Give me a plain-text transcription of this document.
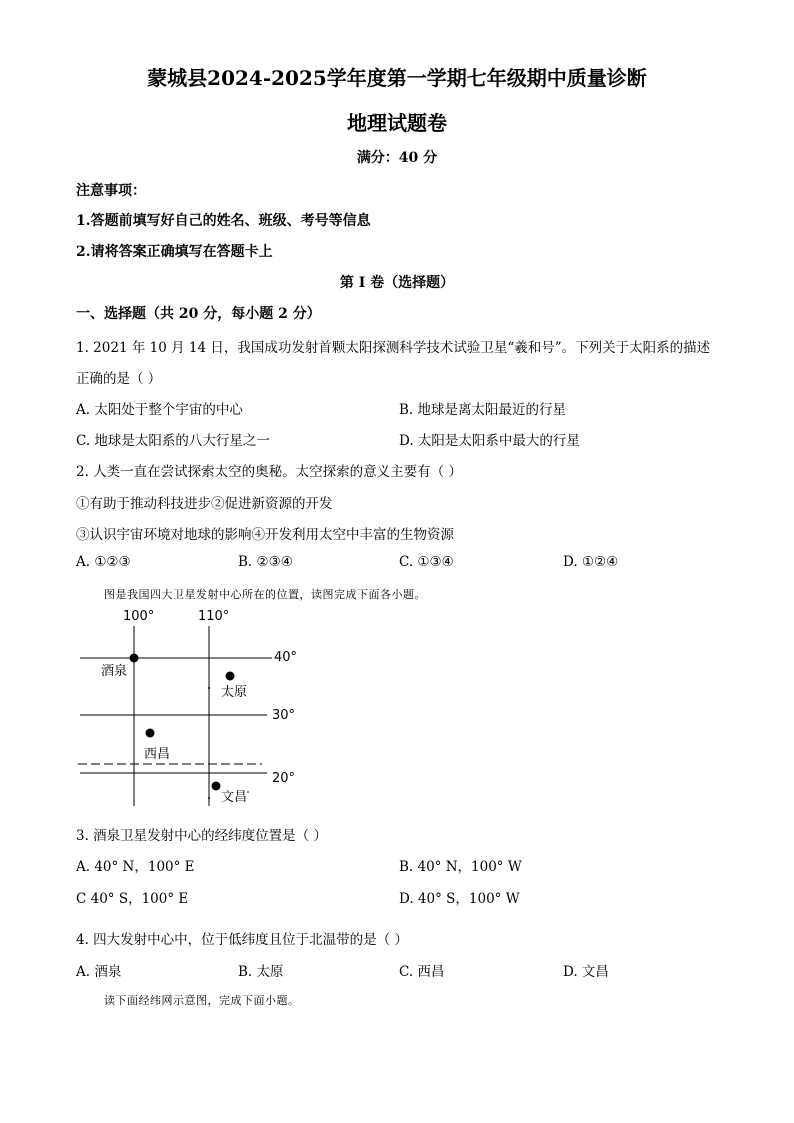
蒙城县2024-2025学年度第一学期七年级期中质量诊断
地理试题卷
满分：40 分
注意事项：
1.答题前填写好自己的姓名、班级、考号等信息
2.请将答案正确填写在答题卡上
第 I 卷（选择题）
一、选择题（共 20 分，每小题 2 分）
1. 2021 年 10 月 14 日，我国成功发射首颗太阳探测科学技术试验卫星“羲和号”。下列关于太阳系的描述
正确的是（ ）
A. 太阳处于整个宇宙的中心	B. 地球是离太阳最近的行星
C. 地球是太阳系的八大行星之一	D. 太阳是太阳系中最大的行星
2. 人类一直在尝试探索太空的奥秘。太空探索的意义主要有（ ）
①有助于推动科技进步②促进新资源的开发
③认识宇宙环境对地球的影响④开发利用太空中丰富的生物资源
A. ①②③	B. ②③④	C. ①③④	D. ①②④
图是我国四大卫星发射中心所在的位置，读图完成下面各小题。
100°	110°
40°
30°
20°
酒泉
太原
西昌
文昌
3. 酒泉卫星发射中心的经纬度位置是（ ）
A. 40° N，100° E	B. 40° N，100° W
C 40° S，100° E	D. 40° S，100° W
4. 四大发射中心中，位于低纬度且位于北温带的是（ ）
A. 酒泉	B. 太原	C. 西昌	D. 文昌
读下面经纬网示意图，完成下面小题。
